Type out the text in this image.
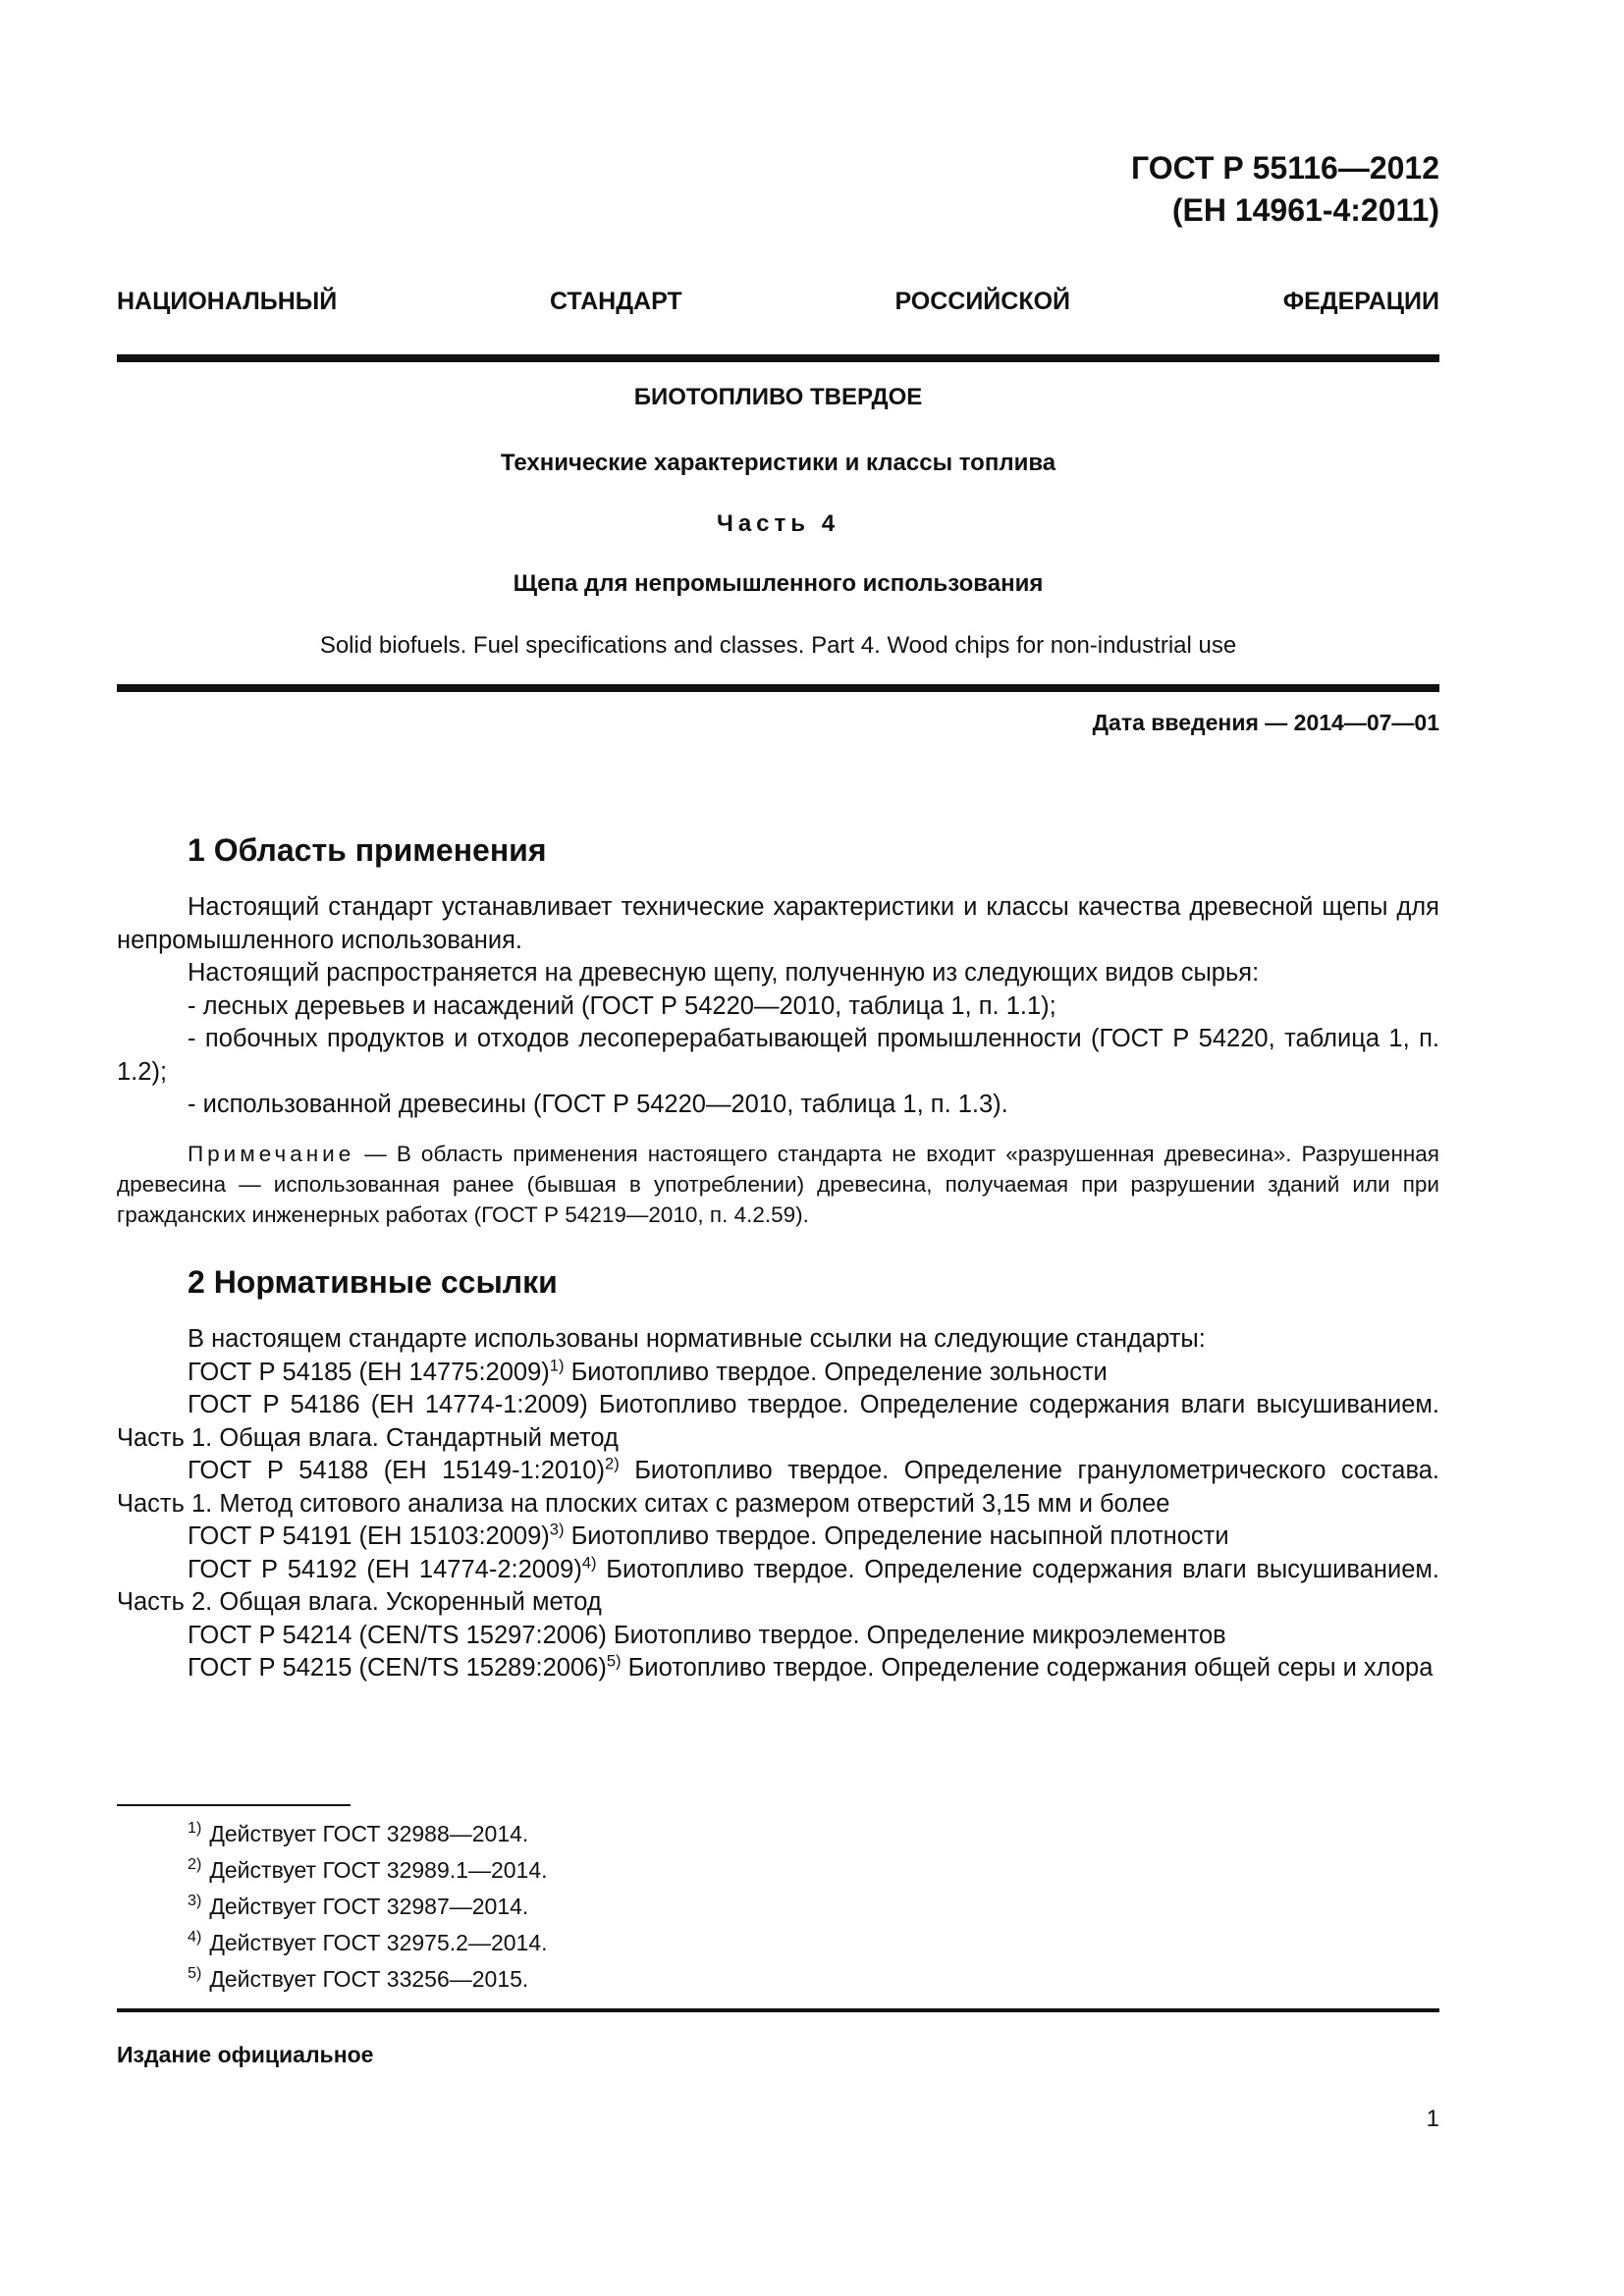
ГОСТ Р 55116—2012
(ЕН 14961-4:2011)
НАЦИОНАЛЬНЫЙ СТАНДАРТ РОССИЙСКОЙ ФЕДЕРАЦИИ
БИОТОПЛИВО ТВЕРДОЕ
Технические характеристики и классы топлива
Часть 4
Щепа для непромышленного использования
Solid biofuels. Fuel specifications and classes. Part 4. Wood chips for non-industrial use
Дата введения — 2014—07—01
1 Область применения

Настоящий стандарт устанавливает технические характеристики и классы качества древесной щепы для непромышленного использования.

Настоящий распространяется на древесную щепу, полученную из следующих видов сырья:

- лесных деревьев и насаждений (ГОСТ Р 54220—2010, таблица 1, п. 1.1);

- побочных продуктов и отходов лесоперерабатывающей промышленности (ГОСТ Р 54220, таблица 1, п. 1.2);

- использованной древесины (ГОСТ Р 54220—2010, таблица 1, п. 1.3).

Примечание — В область применения настоящего стандарта не входит «разрушенная древесина». Разрушенная древесина — использованная ранее (бывшая в употреблении) древесина, получаемая при разрушении зданий или при гражданских инженерных работах (ГОСТ Р 54219—2010, п. 4.2.59).

2 Нормативные ссылки

В настоящем стандарте использованы нормативные ссылки на следующие стандарты:

ГОСТ Р 54185 (ЕН 14775:2009)$^{1)}$ Биотопливо твердое. Определение зольности

ГОСТ Р 54186 (ЕН 14774-1:2009) Биотопливо твердое. Определение содержания влаги высушиванием. Часть 1. Общая влага. Стандартный метод

ГОСТ Р 54188 (ЕН 15149-1:2010)$^{2)}$ Биотопливо твердое. Определение гранулометрического состава. Часть 1. Метод ситового анализа на плоских ситах с размером отверстий 3,15 мм и более

ГОСТ Р 54191 (ЕН 15103:2009)$^{3)}$ Биотопливо твердое. Определение насыпной плотности

ГОСТ Р 54192 (ЕН 14774-2:2009)$^{4)}$ Биотопливо твердое. Определение содержания влаги высушиванием. Часть 2. Общая влага. Ускоренный метод

ГОСТ Р 54214 (CEN/TS 15297:2006) Биотопливо твердое. Определение микроэлементов

ГОСТ Р 54215 (CEN/TS 15289:2006)$^{5)}$ Биотопливо твердое. Определение содержания общей серы и хлора

$^{1)}$ Действует ГОСТ 32988—2014.
$^{2)}$ Действует ГОСТ 32989.1—2014.
$^{3)}$ Действует ГОСТ 32987—2014.
$^{4)}$ Действует ГОСТ 32975.2—2014.
$^{5)}$ Действует ГОСТ 33256—2015.
Издание официальное
1
